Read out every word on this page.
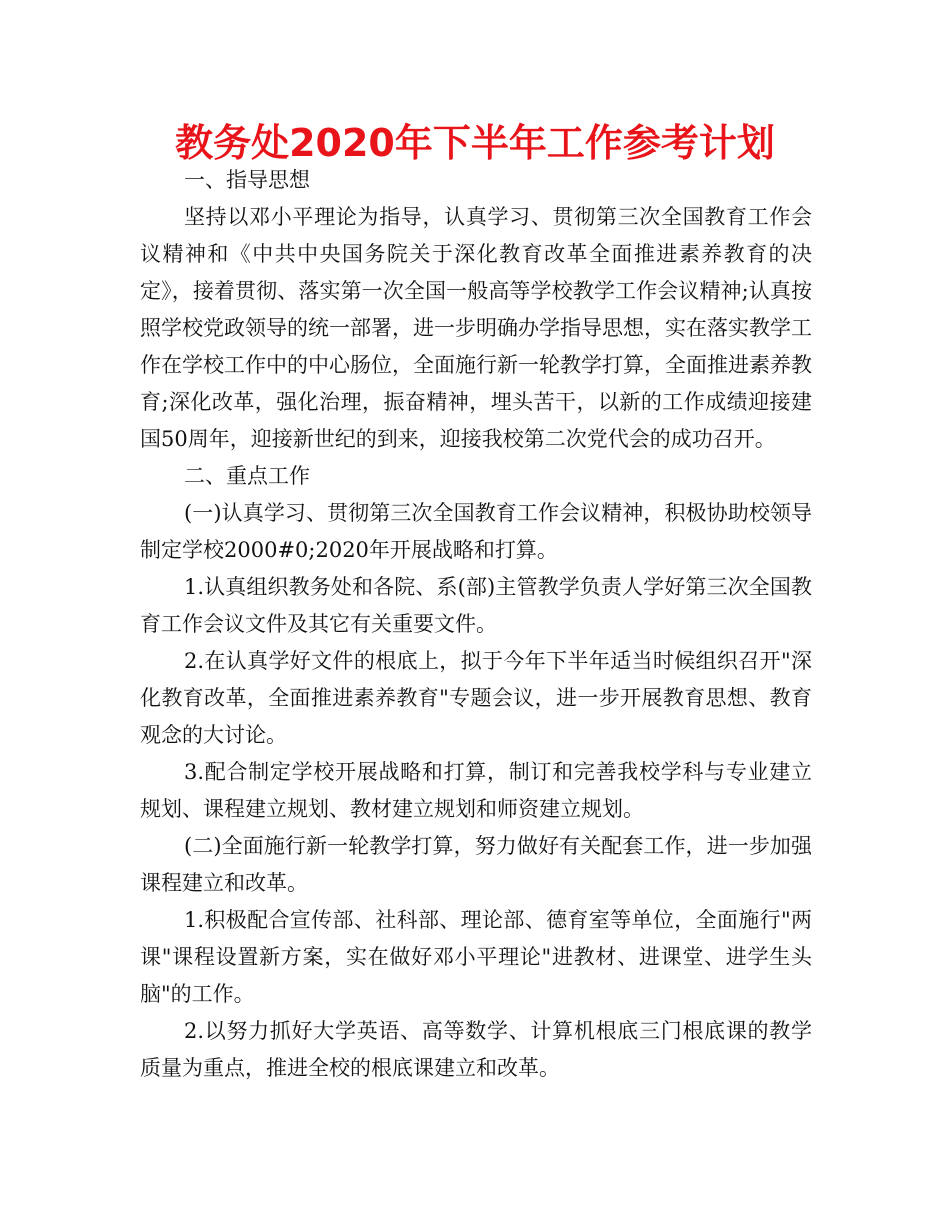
教务处2020年下半年工作参考计划

一、指导思想

坚持以邓小平理论为指导，认真学习、贯彻第三次全国教育工作会议精神和《中共中央国务院关于深化教育改革全面推进素养教育的决定》，接着贯彻、落实第一次全国一般高等学校教学工作会议精神;认真按照学校党政领导的统一部署，进一步明确办学指导思想，实在落实教学工作在学校工作中的中心肠位，全面施行新一轮教学打算，全面推进素养教育;深化改革，强化治理，振奋精神，埋头苦干，以新的工作成绩迎接建国50周年，迎接新世纪的到来，迎接我校第二次党代会的成功召开。

二、重点工作

(一)认真学习、贯彻第三次全国教育工作会议精神，积极协助校领导制定学校2000#0;2020年开展战略和打算。

1.认真组织教务处和各院、系(部)主管教学负责人学好第三次全国教育工作会议文件及其它有关重要文件。

2.在认真学好文件的根底上，拟于今年下半年适当时候组织召开"深化教育改革，全面推进素养教育"专题会议，进一步开展教育思想、教育观念的大讨论。

3.配合制定学校开展战略和打算，制订和完善我校学科与专业建立规划、课程建立规划、教材建立规划和师资建立规划。

(二)全面施行新一轮教学打算，努力做好有关配套工作，进一步加强课程建立和改革。

1.积极配合宣传部、社科部、理论部、德育室等单位，全面施行"两课"课程设置新方案，实在做好邓小平理论"进教材、进课堂、进学生头脑"的工作。

2.以努力抓好大学英语、高等数学、计算机根底三门根底课的教学质量为重点，推进全校的根底课建立和改革。
